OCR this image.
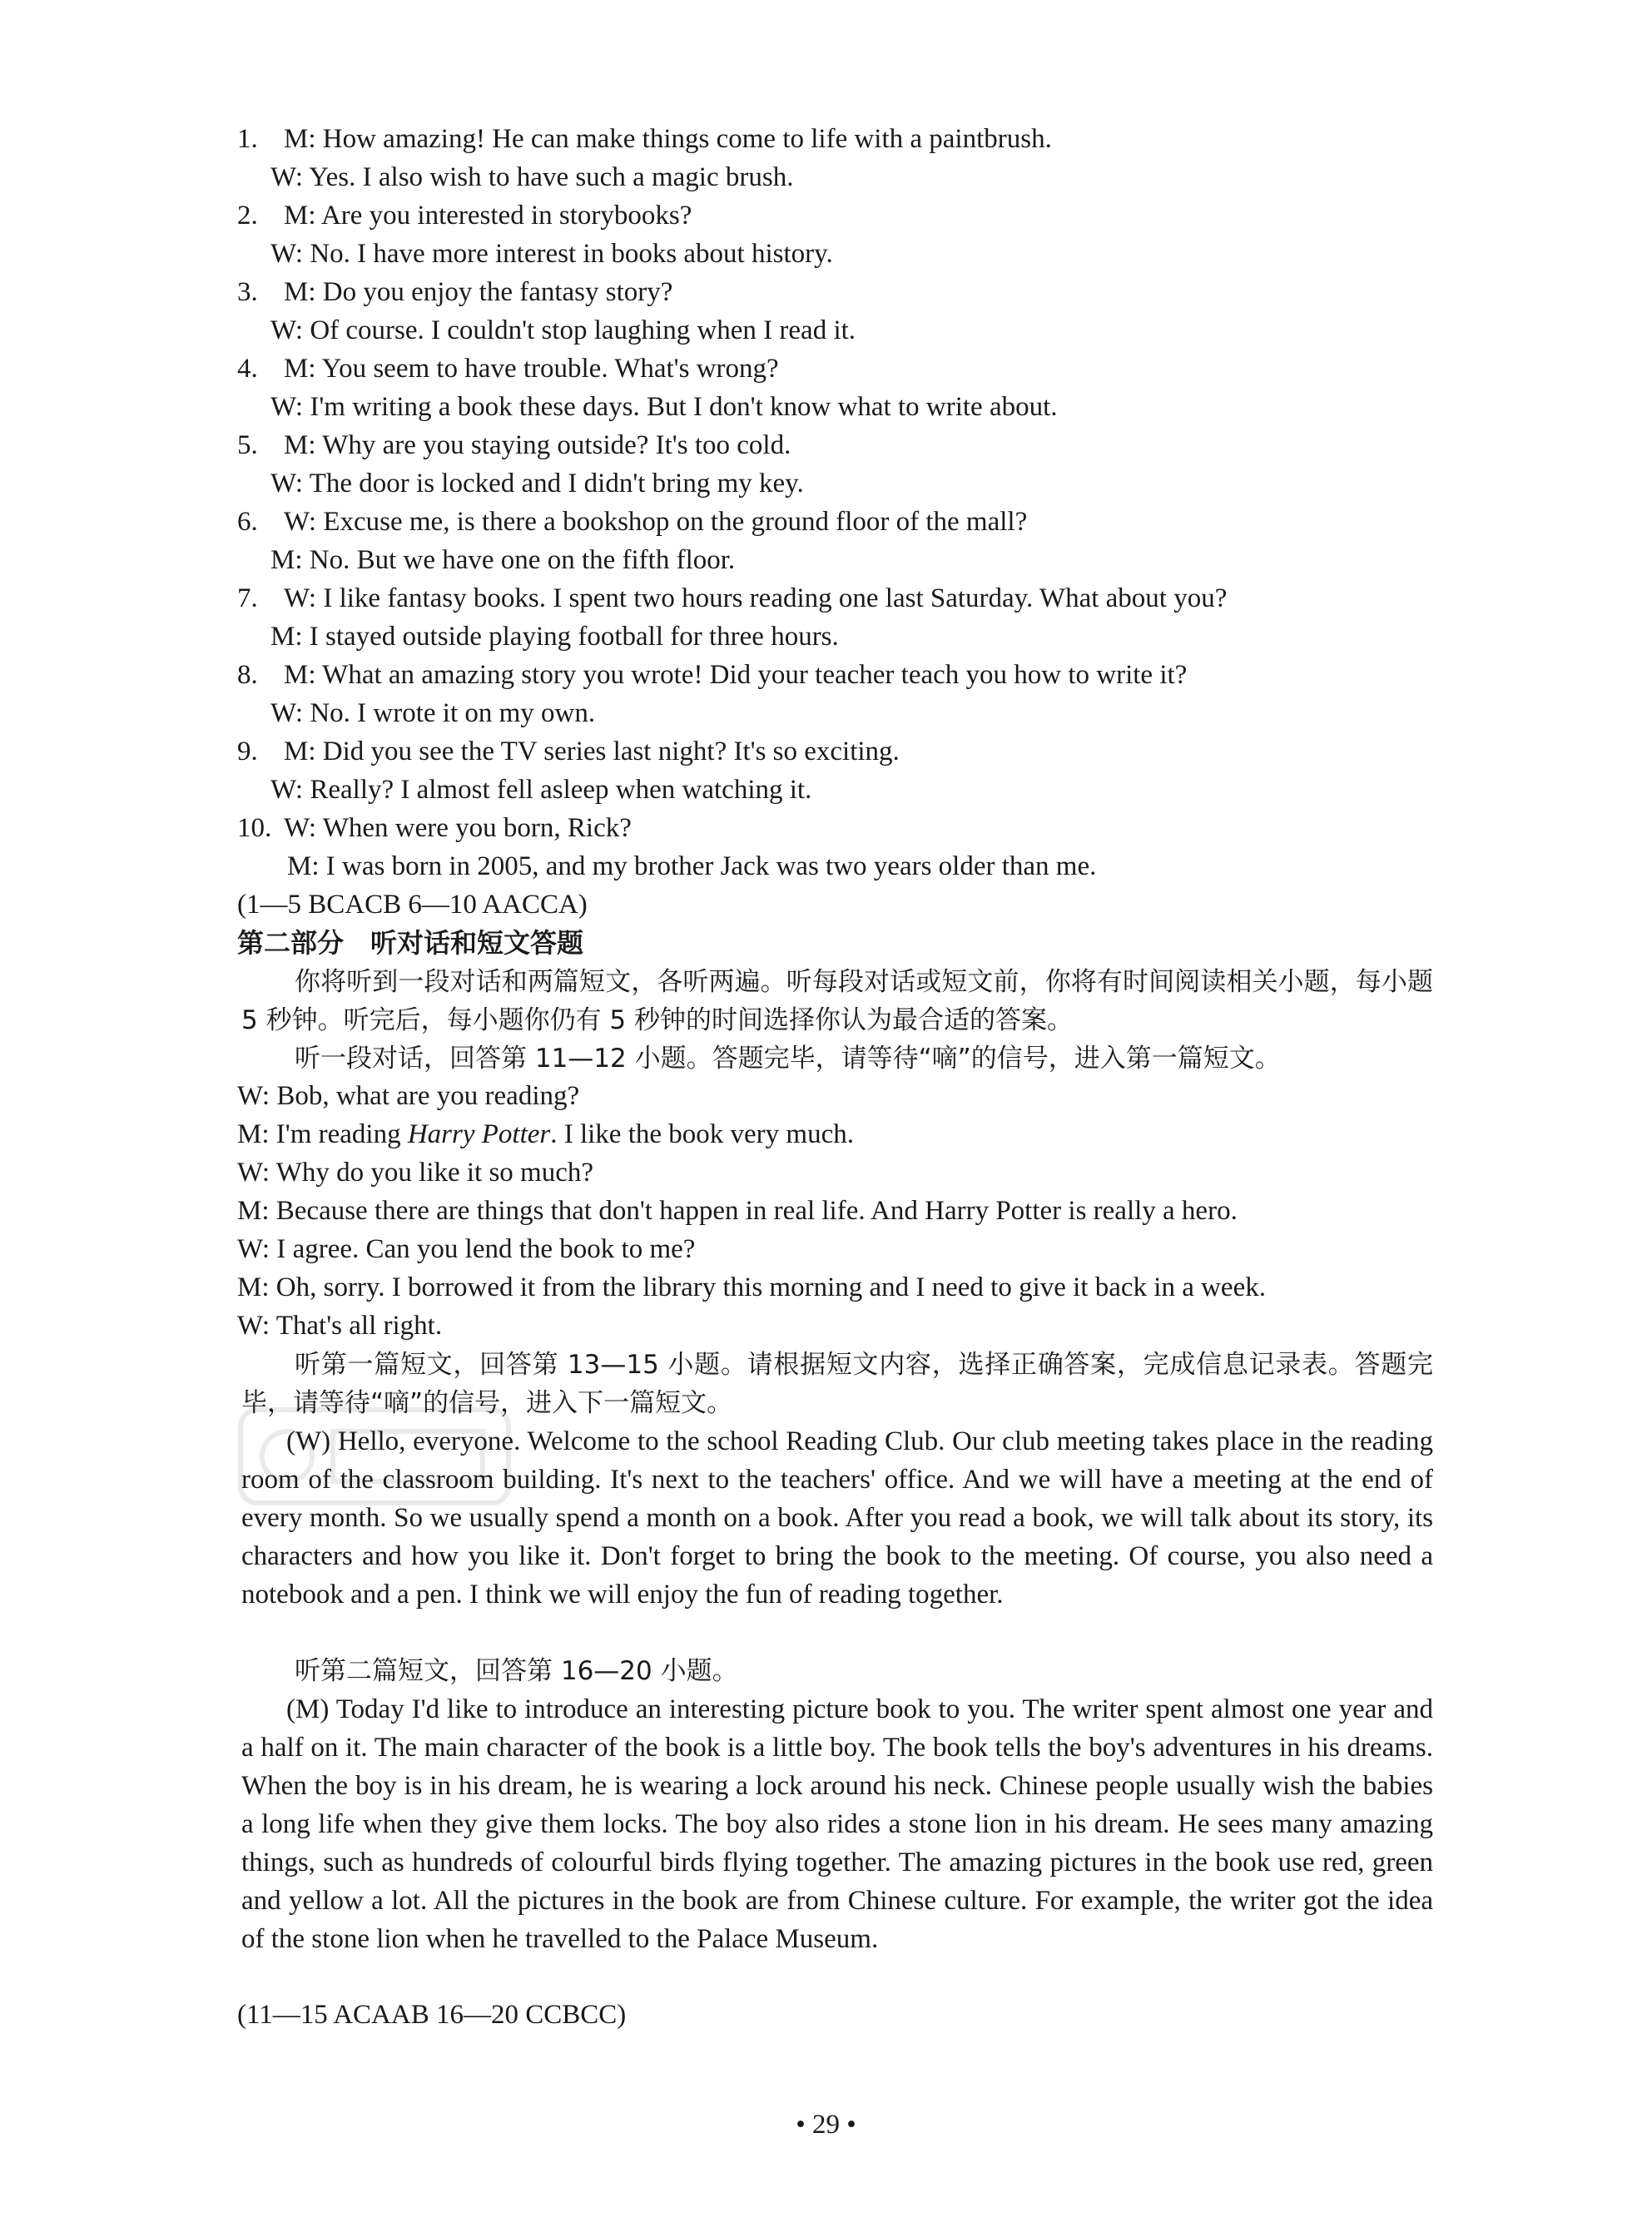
1. M: How amazing! He can make things come to life with a paintbrush.
W: Yes. I also wish to have such a magic brush.
2. M: Are you interested in storybooks?
W: No. I have more interest in books about history.
3. M: Do you enjoy the fantasy story?
W: Of course. I couldn't stop laughing when I read it.
4. M: You seem to have trouble. What's wrong?
W: I'm writing a book these days. But I don't know what to write about.
5. M: Why are you staying outside? It's too cold.
W: The door is locked and I didn't bring my key.
6. W: Excuse me, is there a bookshop on the ground floor of the mall?
M: No. But we have one on the fifth floor.
7. W: I like fantasy books. I spent two hours reading one last Saturday. What about you?
M: I stayed outside playing football for three hours.
8. M: What an amazing story you wrote! Did your teacher teach you how to write it?
W: No. I wrote it on my own.
9. M: Did you see the TV series last night? It's so exciting.
W: Really? I almost fell asleep when watching it.
10. W: When were you born, Rick?
M: I was born in 2005, and my brother Jack was two years older than me.
(1—5 BCACB 6—10 AACCA)
第二部分　听对话和短文答题
你将听到一段对话和两篇短文，各听两遍。听每段对话或短文前，你将有时间阅读相关小题，每小题 5 秒钟。听完后，每小题你仍有 5 秒钟的时间选择你认为最合适的答案。
听一段对话，回答第 11—12 小题。答题完毕，请等待“嘀”的信号，进入第一篇短文。
W: Bob, what are you reading?
M: I'm reading Harry Potter. I like the book very much.
W: Why do you like it so much?
M: Because there are things that don't happen in real life. And Harry Potter is really a hero.
W: I agree. Can you lend the book to me?
M: Oh, sorry. I borrowed it from the library this morning and I need to give it back in a week.
W: That's all right.
听第一篇短文，回答第 13—15 小题。请根据短文内容，选择正确答案，完成信息记录表。答题完毕，请等待“嘀”的信号，进入下一篇短文。
(W) Hello, everyone. Welcome to the school Reading Club. Our club meeting takes place in the reading room of the classroom building. It's next to the teachers' office. And we will have a meeting at the end of every month. So we usually spend a month on a book. After you read a book, we will talk about its story, its characters and how you like it. Don't forget to bring the book to the meeting. Of course, you also need a notebook and a pen. I think we will enjoy the fun of reading together.
听第二篇短文，回答第 16—20 小题。
(M) Today I'd like to introduce an interesting picture book to you. The writer spent almost one year and a half on it. The main character of the book is a little boy. The book tells the boy's adventures in his dreams. When the boy is in his dream, he is wearing a lock around his neck. Chinese people usually wish the babies a long life when they give them locks. The boy also rides a stone lion in his dream. He sees many amazing things, such as hundreds of colourful birds flying together. The amazing pictures in the book use red, green and yellow a lot. All the pictures in the book are from Chinese culture. For example, the writer got the idea of the stone lion when he travelled to the Palace Museum.
(11—15 ACAAB 16—20 CCBCC)
• 29 •
